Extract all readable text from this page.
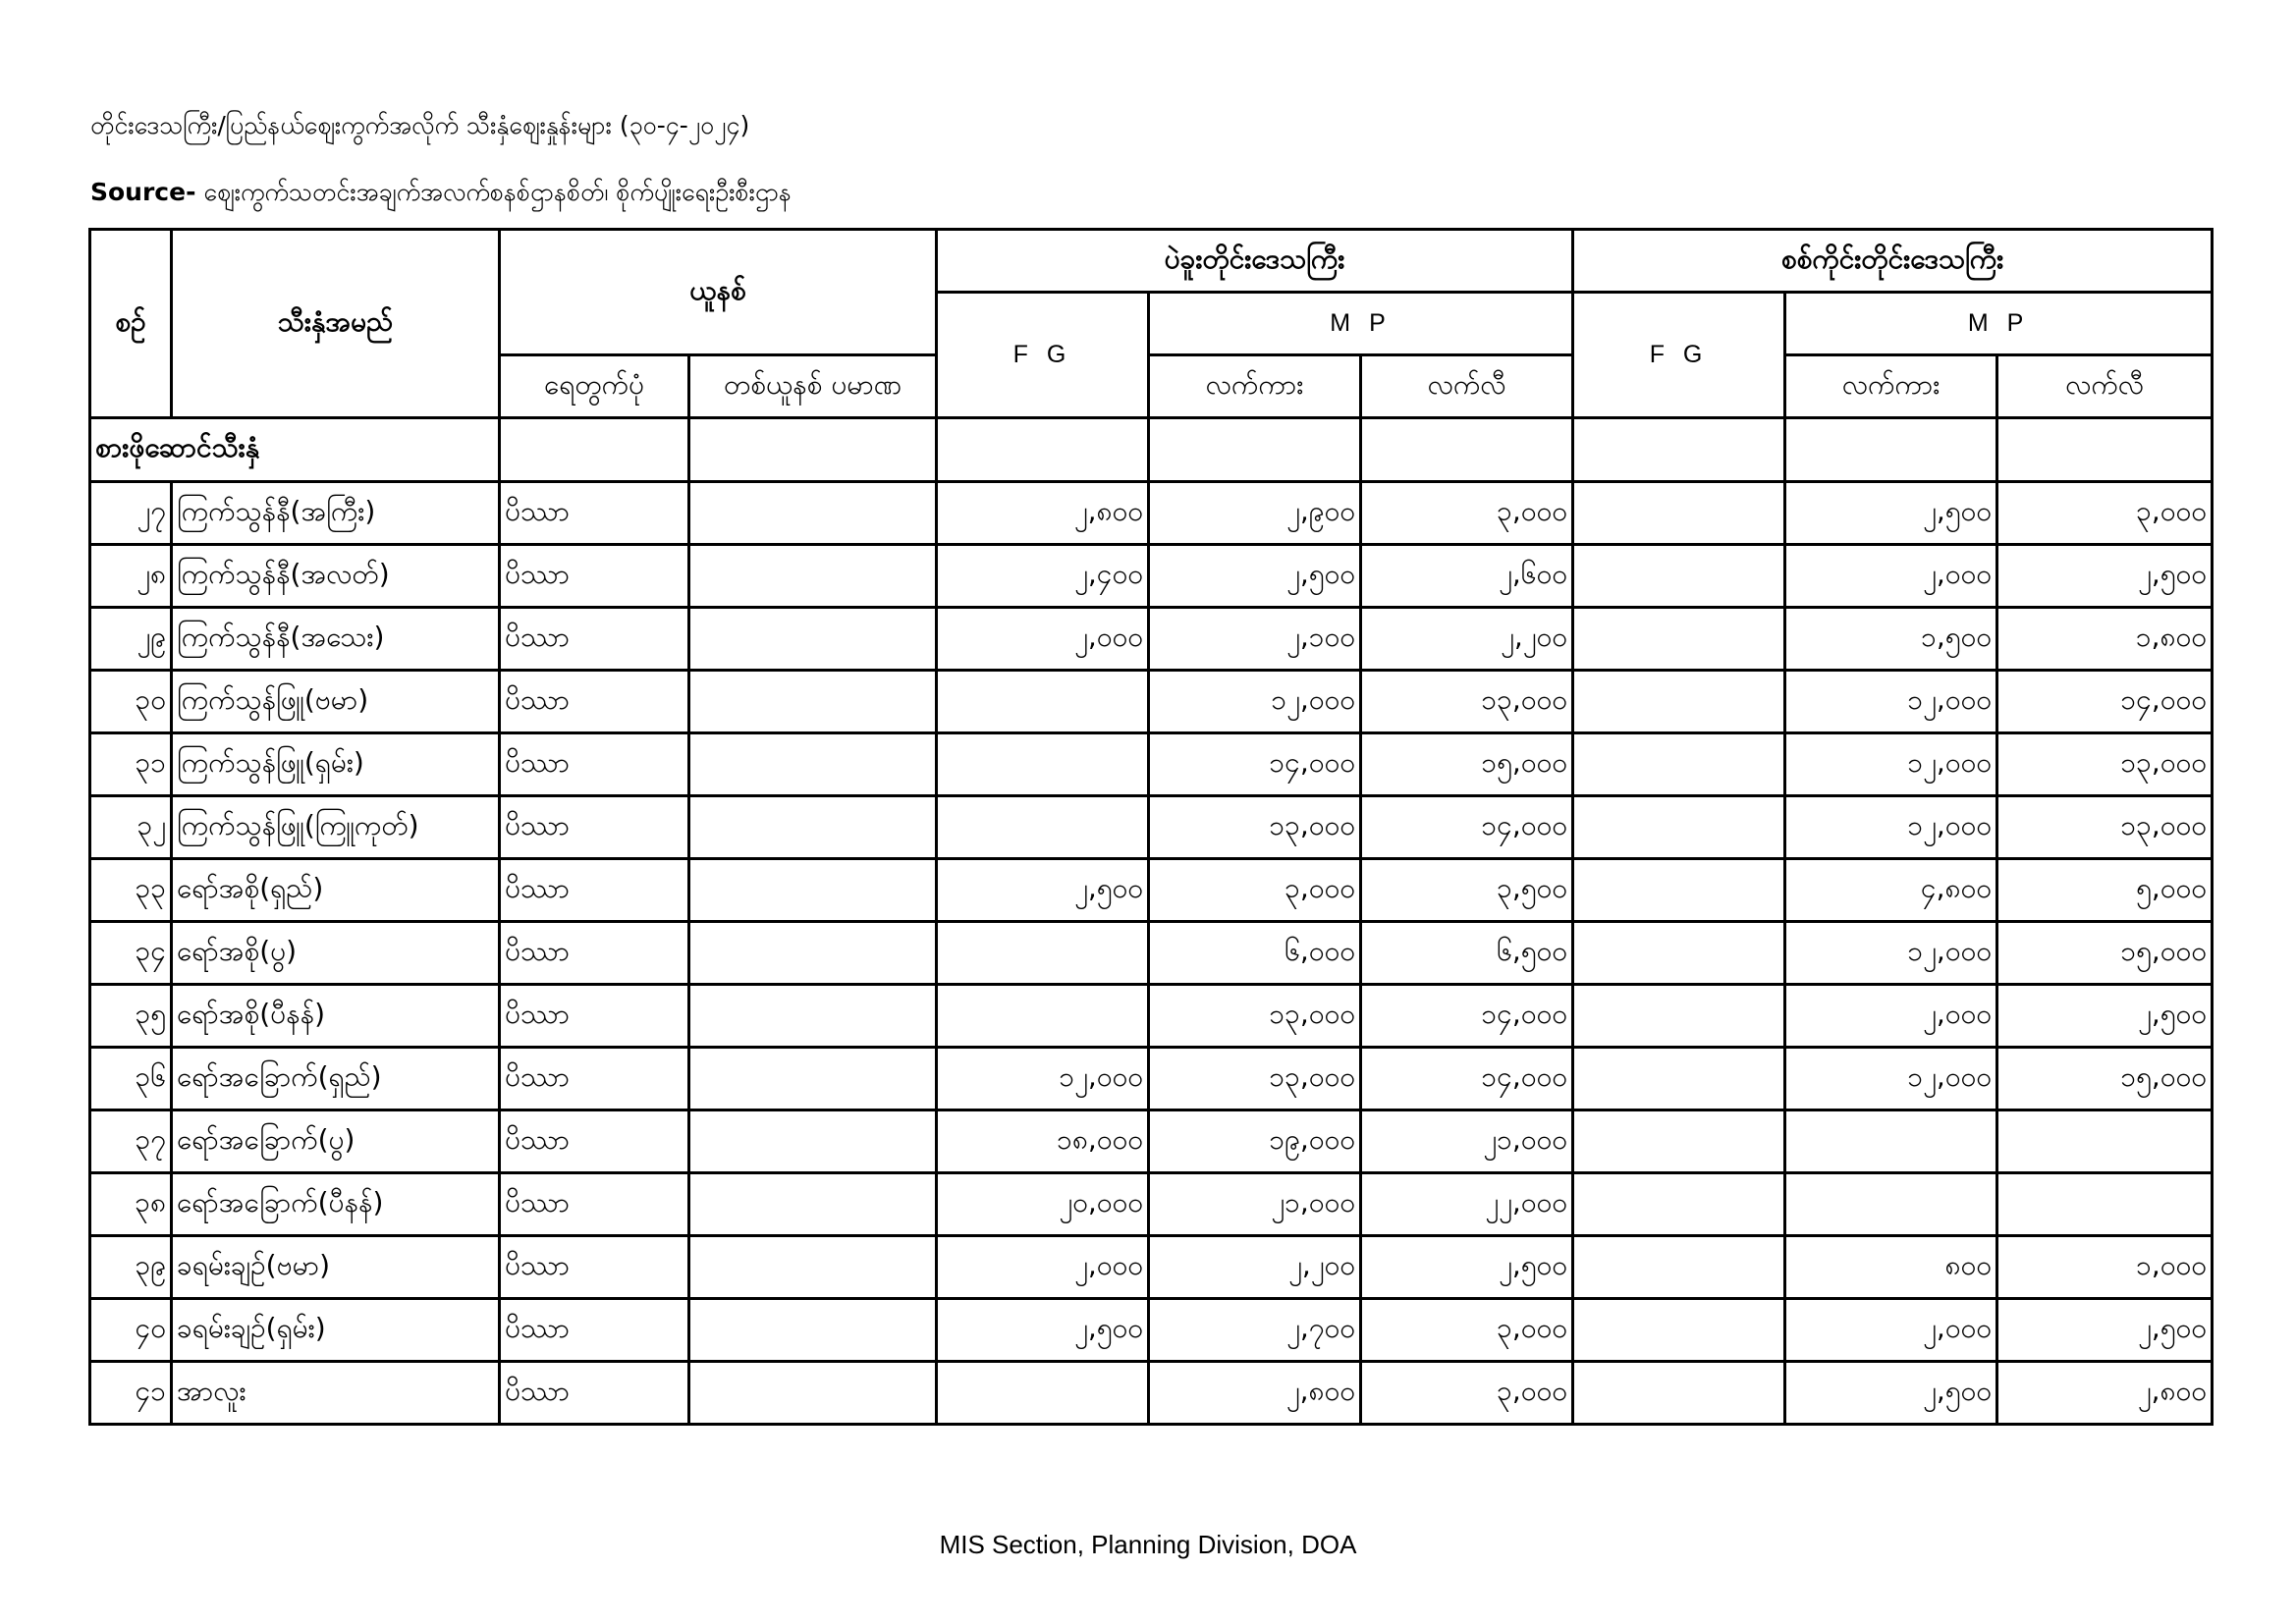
တိုင်းဒေသကြီး/ပြည်နယ်ဈေးကွက်အလိုက် သီးနှံဈေးနှုန်းများ (၃၀-၄-၂၀၂၄)
Source- ဈေးကွက်သတင်းအချက်အလက်စနစ်ဌာနစိတ်၊ စိုက်ပျိုးရေးဦးစီးဌာန
စဉ်	သီးနှံအမည်	ယူနစ်		ပဲခူးတိုင်းဒေသကြီး			စစ်ကိုင်းတိုင်းဒေသကြီး		
				F G	M P		F G	M P	
		ရေတွက်ပုံ	တစ်ယူနစ် ပမာဏ		လက်ကား	လက်လီ		လက်ကား	လက်လီ
စားဖိုဆောင်သီးနှံ									
၂၇	ကြက်သွန်နီ(အကြီး)	ပိဿာ		၂,၈၀၀	၂,၉၀၀	၃,၀၀၀		၂,၅၀၀	၃,၀၀၀
၂၈	ကြက်သွန်နီ(အလတ်)	ပိဿာ		၂,၄၀၀	၂,၅၀၀	၂,၆၀၀		၂,၀၀၀	၂,၅၀၀
၂၉	ကြက်သွန်နီ(အသေး)	ပိဿာ		၂,၀၀၀	၂,၁၀၀	၂,၂၀၀		၁,၅၀၀	၁,၈၀၀
၃၀	ကြက်သွန်ဖြူ(ဗမာ)	ပိဿာ			၁၂,၀၀၀	၁၃,၀၀၀		၁၂,၀၀၀	၁၄,၀၀၀
၃၁	ကြက်သွန်ဖြူ(ရှမ်း)	ပိဿာ			၁၄,၀၀၀	၁၅,၀၀၀		၁၂,၀၀၀	၁၃,၀၀၀
၃၂	ကြက်သွန်ဖြူ(ကြူကုတ်)	ပိဿာ			၁၃,၀၀၀	၁၄,၀၀၀		၁၂,၀၀၀	၁၃,၀၀၀
၃၃	ရော်အစို(ရှည်)	ပိဿာ		၂,၅၀၀	၃,၀၀၀	၃,၅၀၀		၄,၈၀၀	၅,၀၀၀
၃၄	ရော်အစို(ပွ)	ပိဿာ			၆,၀၀၀	၆,၅၀၀		၁၂,၀၀၀	၁၅,၀၀၀
၃၅	ရော်အစို(ပီနန်)	ပိဿာ			၁၃,၀၀၀	၁၄,၀၀၀		၂,၀၀၀	၂,၅၀၀
၃၆	ရော်အခြောက်(ရှည်)	ပိဿာ		၁၂,၀၀၀	၁၃,၀၀၀	၁၄,၀၀၀		၁၂,၀၀၀	၁၅,၀၀၀
၃၇	ရော်အခြောက်(ပွ)	ပိဿာ		၁၈,၀၀၀	၁၉,၀၀၀	၂၁,၀၀၀			
၃၈	ရော်အခြောက်(ပီနန်)	ပိဿာ		၂၀,၀၀၀	၂၁,၀၀၀	၂၂,၀၀၀			
၃၉	ခရမ်းချဉ်(ဗမာ)	ပိဿာ		၂,၀၀၀	၂,၂၀၀	၂,၅၀၀		၈၀၀	၁,၀၀၀
၄၀	ခရမ်းချဉ်(ရှမ်း)	ပိဿာ		၂,၅၀၀	၂,၇၀၀	၃,၀၀၀		၂,၀၀၀	၂,၅၀၀
၄၁	အာလူး	ပိဿာ			၂,၈၀၀	၃,၀၀၀		၂,၅၀၀	၂,၈၀၀
MIS Section, Planning Division, DOA
